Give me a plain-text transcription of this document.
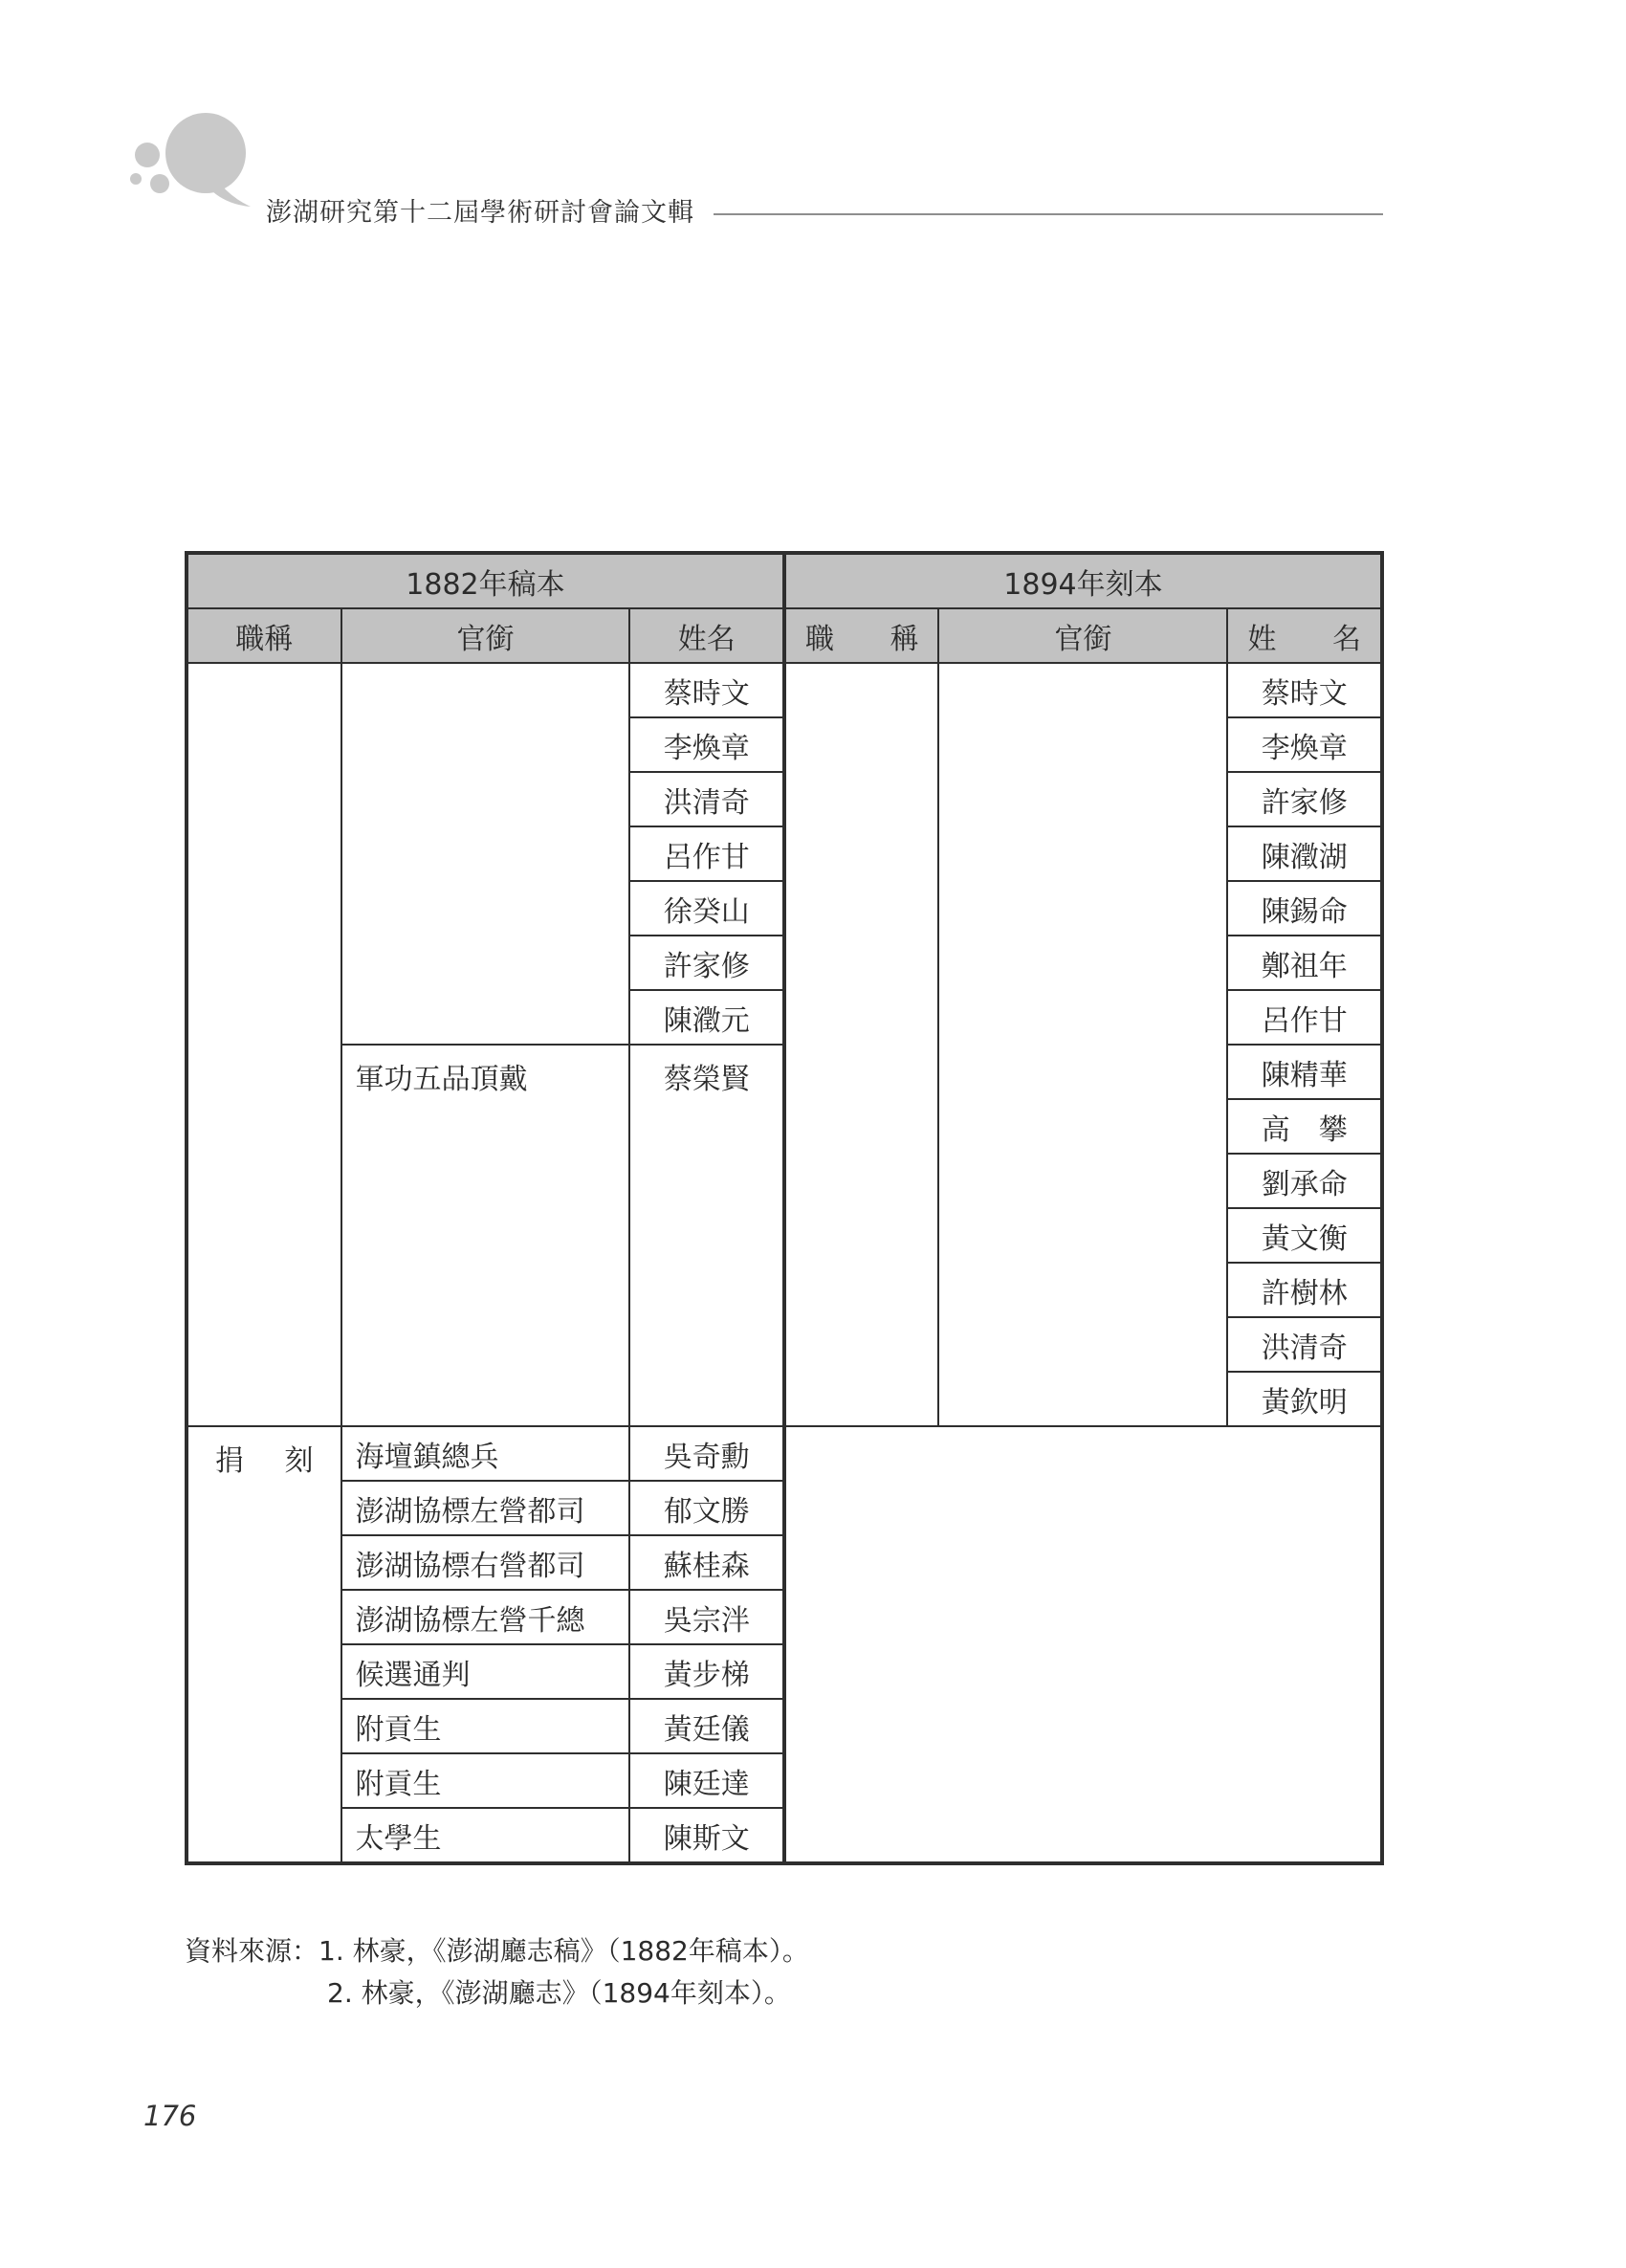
澎湖研究第十二屆學術研討會論文輯
1882年稿本			1894年刻本		
職稱	官銜	姓名	職 稱	官銜	姓 名

		蔡時文			蔡時文
		李煥章			李煥章
		洪清奇			許家修
		呂作甘			陳瀓湖
		徐癸山			陳錫命
		許家修			鄭祖年
		陳瀓元			呂作甘
	軍功五品頂戴	蔡榮賢			陳精華
					高　攀
					劉承命
					黃文衡
					許樹林
					洪清奇
					黃欽明

捐 刻	海壇鎮總兵	吳奇勳			
	澎湖協標左營都司	郁文勝			
	澎湖協標右營都司	蘇桂森			
	澎湖協標左營千總	吳宗泮			
	候選通判	黃步梯			
	附貢生	黃廷儀			
	附貢生	陳廷達			
	太學生	陳斯文			
資料來源：1. 林豪，《澎湖廳志稿》（1882年稿本）。
2. 林豪，《澎湖廳志》（1894年刻本）。
176
